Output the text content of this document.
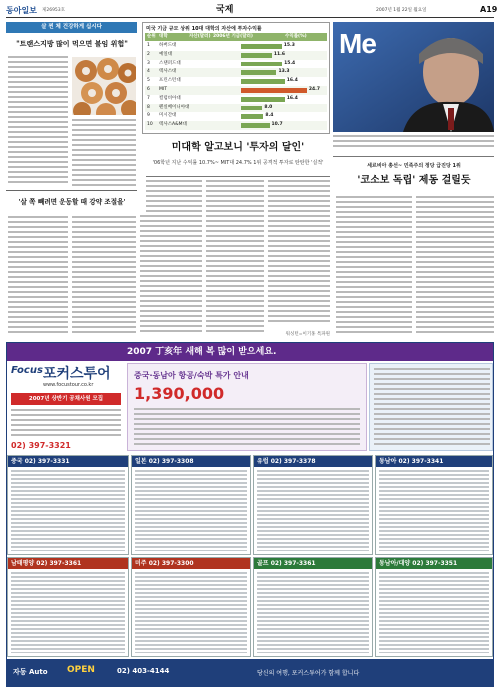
동아일보 제26953호	국제	2007년 1월 22일 월요일	A19
살 찐 체 건강하게 십시다
"트랜스지방 많이 먹으면 불임 위험"
'살 쪽 빼려면 운동할 때 강약 조절을'
미국 기금 규모 상위 10대 대학의 자산에 투자수익률
순위 대학	자산(달러) 2006년 기금(달러)	수익률(%)
1 하버드대	15.3
2 예일대	11.6
3 스탠퍼드대	15.4
4 텍사스대	13.3
5 프린스턴대	16.4
6 MIT	24.7
7 컬럼비아대	16.4
8 펜실베이니아대	8.0
9 미시간대	8.4
10 텍사스A&M대	10.7
Me
미대학 알고보니 '투자의 달인'
'06학년 지난 수익률 10.7%~ MIT대 24.7% 1위 공격적 투자로 탄탄한 '실적'
워싱턴=이기홍 특파원
세르비아 총선~ 민족주의 정당 급진당 1위
'코소보 독립' 제동 걸릴듯
2007 丁亥年 새해 복 많이 받으세요.
Focus 포커스투어
www.focustour.co.kr
2007년 상반기 공채사원 모집
02) 397-3321
중국·동남아 항공/숙박 특가 안내
1,390,000
중국 02) 397-3331	일본 02) 397-3308	유럽 02) 397-3378	동남아 02) 397-3341
남태평양 02) 397-3361	미주 02) 397-3300	골프 02) 397-3361	동남아/대양 02) 397-3351
자동 Auto OPEN	02) 403-4144	당신의 여행, 포커스투어가 함께 합니다
